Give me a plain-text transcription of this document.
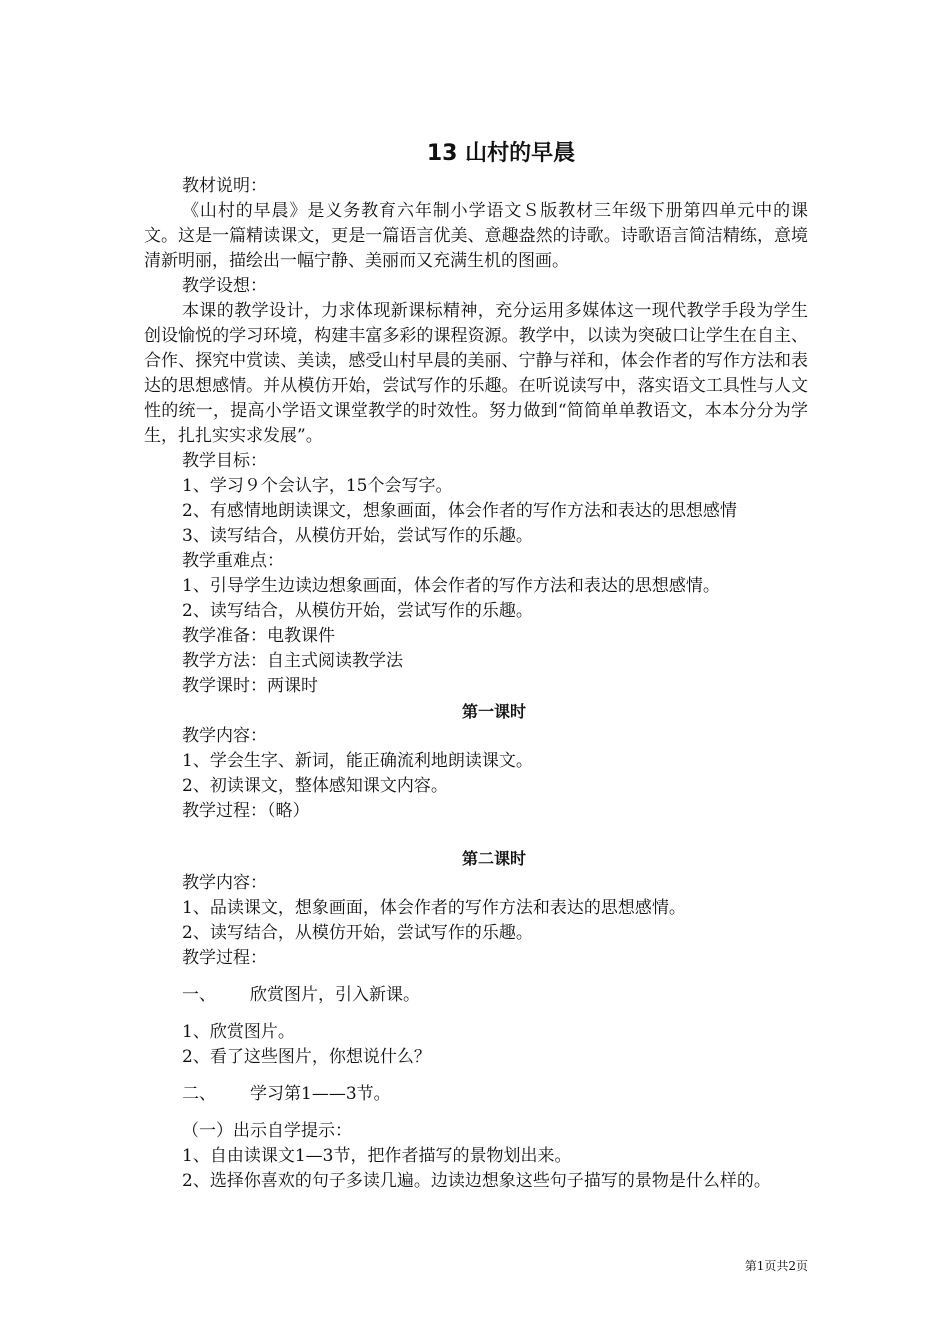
13 山村的早晨

教材说明：

《山村的早晨》是义务教育六年制小学语文Ｓ版教材三年级下册第四单元中的课文。这是一篇精读课文，更是一篇语言优美、意趣盎然的诗歌。诗歌语言简洁精练，意境清新明丽，描绘出一幅宁静、美丽而又充满生机的图画。

教学设想：

本课的教学设计，力求体现新课标精神，充分运用多媒体这一现代教学手段为学生创设愉悦的学习环境，构建丰富多彩的课程资源。教学中，以读为突破口让学生在自主、合作、探究中赏读、美读，感受山村早晨的美丽、宁静与祥和，体会作者的写作方法和表达的思想感情。并从模仿开始，尝试写作的乐趣。在听说读写中，落实语文工具性与人文性的统一，提高小学语文课堂教学的时效性。努力做到“简简单单教语文，本本分分为学生，扎扎实实求发展”。

教学目标：

1、学习９个会认字，15个会写字。

2、有感情地朗读课文，想象画面，体会作者的写作方法和表达的思想感情

3、读写结合，从模仿开始，尝试写作的乐趣。

教学重难点：

1、引导学生边读边想象画面，体会作者的写作方法和表达的思想感情。

2、读写结合，从模仿开始，尝试写作的乐趣。

教学准备：电教课件

教学方法：自主式阅读教学法

教学课时：两课时

第一课时

教学内容：

1、学会生字、新词，能正确流利地朗读课文。

2、初读课文，整体感知课文内容。

教学过程：（略）

第二课时

教学内容：

1、品读课文，想象画面，体会作者的写作方法和表达的思想感情。

2、读写结合，从模仿开始，尝试写作的乐趣。

教学过程：

一、 欣赏图片，引入新课。

1、欣赏图片。

2、看了这些图片，你想说什么？

二、 学习第1——3节。

（一）出示自学提示：

1、自由读课文1—3节，把作者描写的景物划出来。

2、选择你喜欢的句子多读几遍。边读边想象这些句子描写的景物是什么样的。

第1页共2页
